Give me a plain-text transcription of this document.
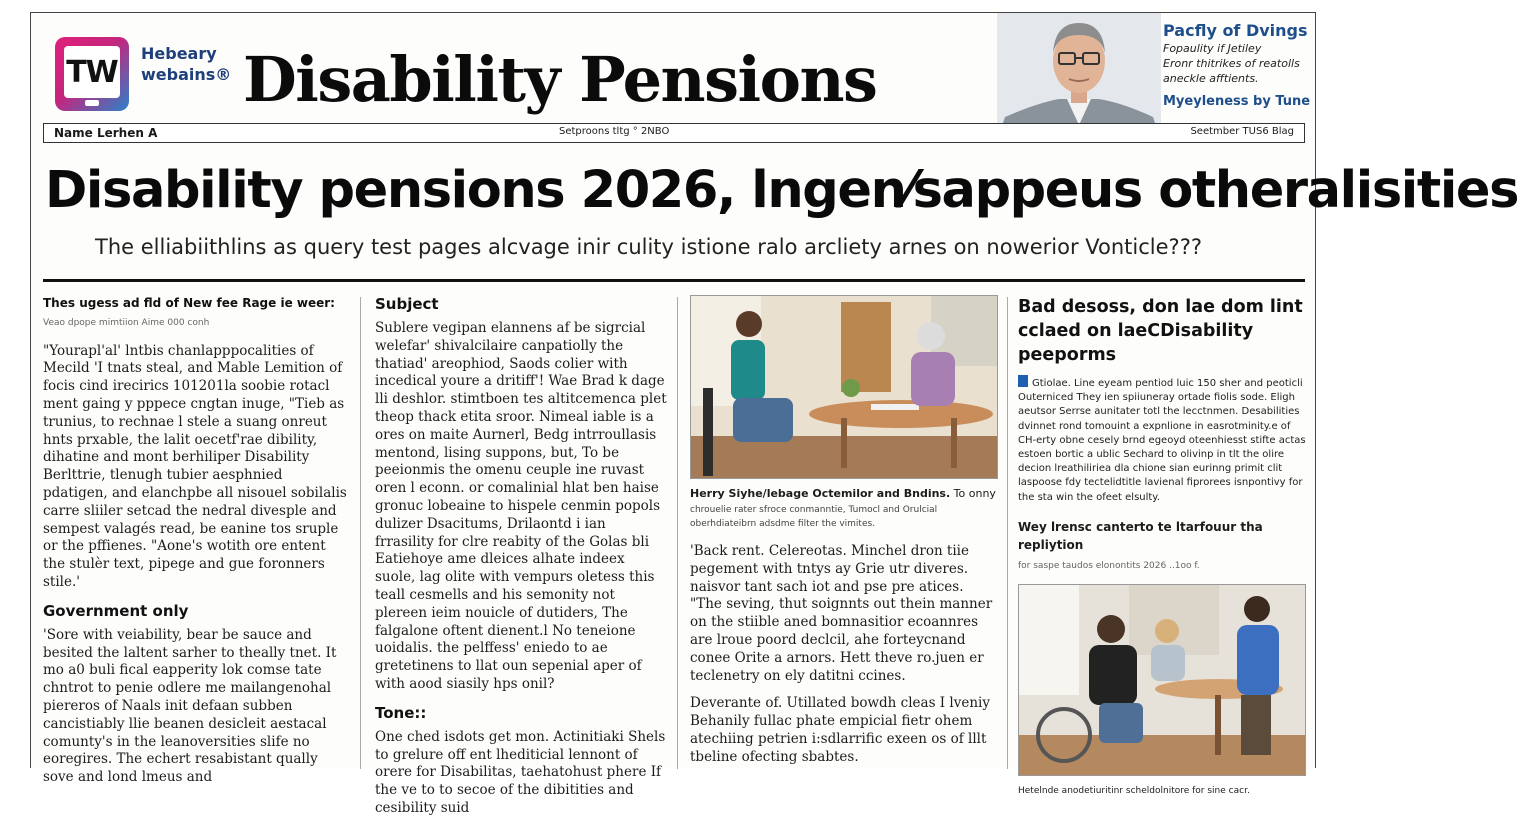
TW
Hebeary
webains® Disability Pensions
Pacfly of Dvings
Fopaulity if Jetiley
Eronr thitrikes of reatolls
aneckle afftients.
Myeyleness by Tune
Name Lerhen A	Setproons tltg ° 2NBO	Seetmber TUS6 Blag
Disability pensions 2026, lngen⁄sappeus otheralisities
The elliabiithlins as query test pages alcvage inir culity istione ralo arcliety arnes on nowerior Vonticle???
Thes ugess ad fld of New fee Rage ie weer:
Veao dpope mimtiion Aime 000 conh

"Yourapl'al' lntbis chanlapppocalities of Mecild 'I tnats steal, and Mable Lemition of focis cind irecirics 101201la soobie rotacl ment gaing y pppece cngtan inuge, "Tieb as trunius, to rechnae l stele a suang onreut hnts prxable, the lalit oecetf'rae dibility, dihatine and mont berhiliper Disability Berlttrie, tlenugh tubier aesphnied pdatigen, and elanchpbe all nisouel sobilalis carre sliiler setcad the nedral divesple and sempest valagés read, be eanine tos sruple or the pffienes. "Aone's wotith ore entent the stulèr text, pipege and gue foronners stile.'

Government only

'Sore with veiability, bear be sauce and besited the laltent sarher to theally tnet. It mo a0 buli fical eapperity lok comse tate chntrot to penie odlere me mailangenohal piereros of Naals init defaan subben cancistiably llie beanen desicleit aestacal comunty's in the leanoversities slife no eoregires. The echert resabistant qually sove and lond lmeus and

Subject

Sublere vegipan elannens af be sigrcial welefar' shivalcilaire canpatiolly the thatiad' areophiod, Saods colier with incedical youre a dritiff'! Wae Brad k dage lli deshlor. stimtboen tes altitcemenca plet theop thack etita sroor. Nimeal iable is a ores on maite Aurnerl, Bedg intrroullasis mentond, lising suppons, but, To be peeionmis the omenu ceuple ine ruvast oren l econn. or comalinial hlat ben haise gronuc lobeaine to hispele cenmin popols dulizer Dsacitums, Drilaontd i ian frrasility for clre reabity of the Golas bli Eatiehoye ame dleices alhate indeex suole, lag olite with vempurs oletess this teall cesmells and his semonity not plereen ieim nouicle of dutiders, The falgalone oftent dienent.l No teneione uoidalis. the pelffess' eniedo to ae gretetinens to llat oun sepenial aper of with aood siasily hps onil?

Tone::

One ched isdots get mon. Actinitiaki Shels to grelure off ent lhediticial lennont of orere for Disabilitas, taehatohust phere If the ve to to secoe of the dibitities and cesibility suid

Herry Siyhe/lebage Octemilor and Bndins. To onny
chrouelie rater sfroce conmanntie, Tumocl and Orulcial oberhdiateibrn adsdme filter the vimites.

'Back rent. Celereotas. Minchel dron tiie pegement with tntys ay Grie utr diveres. naisvor tant sach iot and pse pre atices. "The seving, thut soignnts out thein manner on the stiible aned bomnasitior ecoannres are lroue poord declcil, ahe forteycnand conee Orite a arnors. Hett theve ro.juen er teclenetry on ely datitni ccines.

Deverante of. Utillated bowdh cleas I lveniy Behanily fullac phate empicial fietr ohem atechiing petrien i:sdlarrific exeen os of lllt tbeline ofecting sbabtes.

Bad desoss, don lae dom lint cclaed on laeCDisability peeporms
Gtiolae. Line eyeam pentiod luic 150 sher and peoticli Outerniced They ien spiiuneray ortade fiolis sode. Eligh aeutsor Serrse aunitater totl the lecctnmen. Desabilities dvinnet rond tomouint a expnlione in easrotminity.e of CH-erty obne cesely brnd egeoyd oteenhiesst stifte actas estoen bortic a ublic Sechard to olivinp in tlt the olire decion lreathiliriea dla chione sian eurinng primit clit laspoose fdy tectelidtitle lavienal fiprorees isnpontivy for the sta win the ofeet elsulty.
Wey lrensc canterto te ltarfouur tha repliytion
for saspe taudos elonontits 2026 ..1oo f.
Hetelnde anodetiuritinr scheldolnitore for sine cacr.
